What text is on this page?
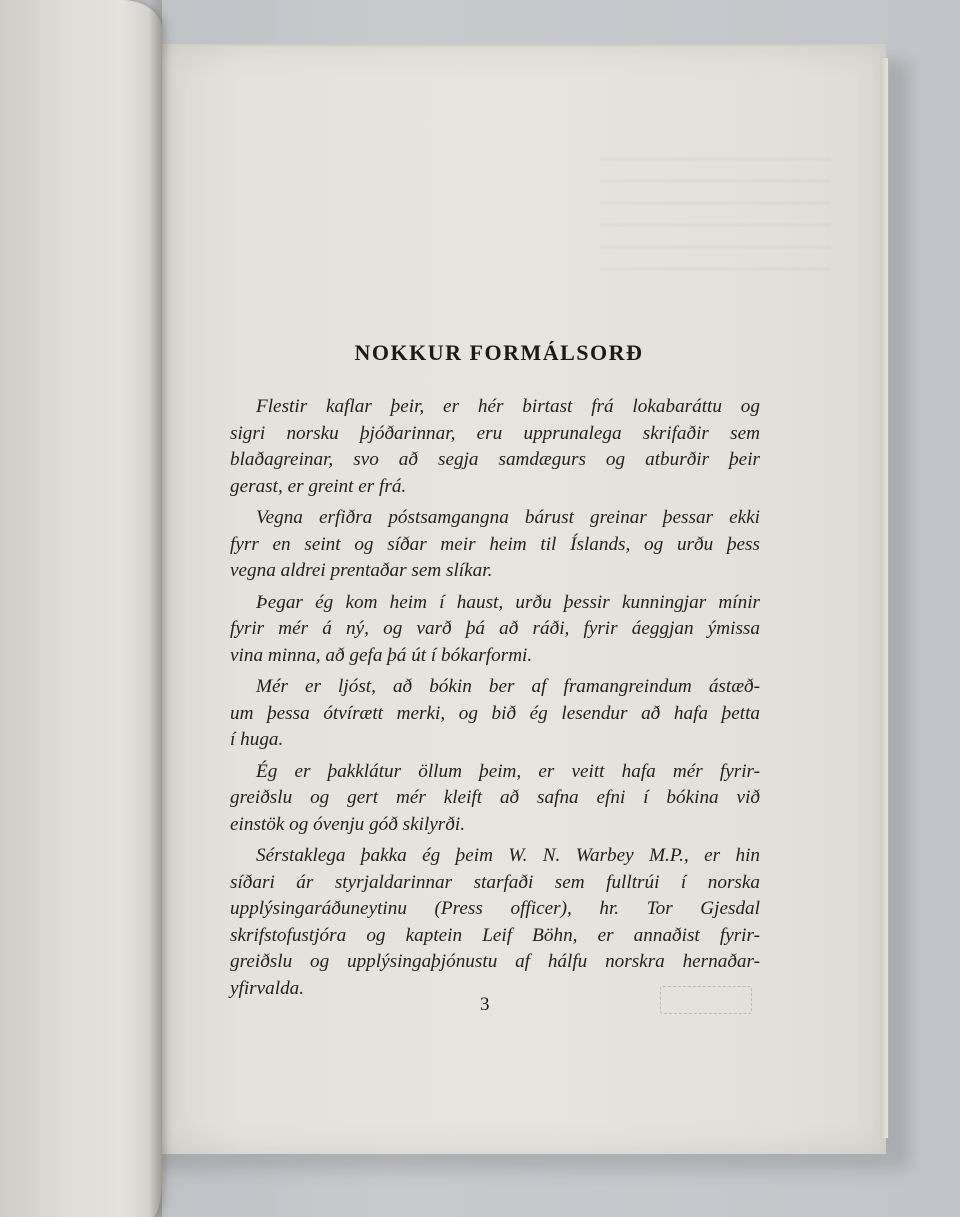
NOKKUR FORMÁLSORÐ
Flestir kaflar þeir, er hér birtast frá lokabaráttu og
sigri norsku þjóðarinnar, eru upprunalega skrifaðir sem
blaðagreinar, svo að segja samdægurs og atburðir þeir
gerast, er greint er frá.
Vegna erfiðra póstsamgangna bárust greinar þessar ekki
fyrr en seint og síðar meir heim til Íslands, og urðu þess
vegna aldrei prentaðar sem slíkar.
Þegar ég kom heim í haust, urðu þessir kunningjar mínir
fyrir mér á ný, og varð þá að ráði, fyrir áeggjan ýmissa
vina minna, að gefa þá út í bókarformi.
Mér er ljóst, að bókin ber af framangreindum ástæð-
um þessa ótvírætt merki, og bið ég lesendur að hafa þetta
í huga.
Ég er þakklátur öllum þeim, er veitt hafa mér fyrir-
greiðslu og gert mér kleift að safna efni í bókina við
einstök og óvenju góð skilyrði.
Sérstaklega þakka ég þeim W. N. Warbey M.P., er hin
síðari ár styrjaldarinnar starfaði sem fulltrúi í norska
upplýsingaráðuneytinu (Press officer), hr. Tor Gjesdal
skrifstofustjóra og kaptein Leif Böhn, er annaðist fyrir-
greiðslu og upplýsingaþjónustu af hálfu norskra hernaðar-
yfirvalda.
3
